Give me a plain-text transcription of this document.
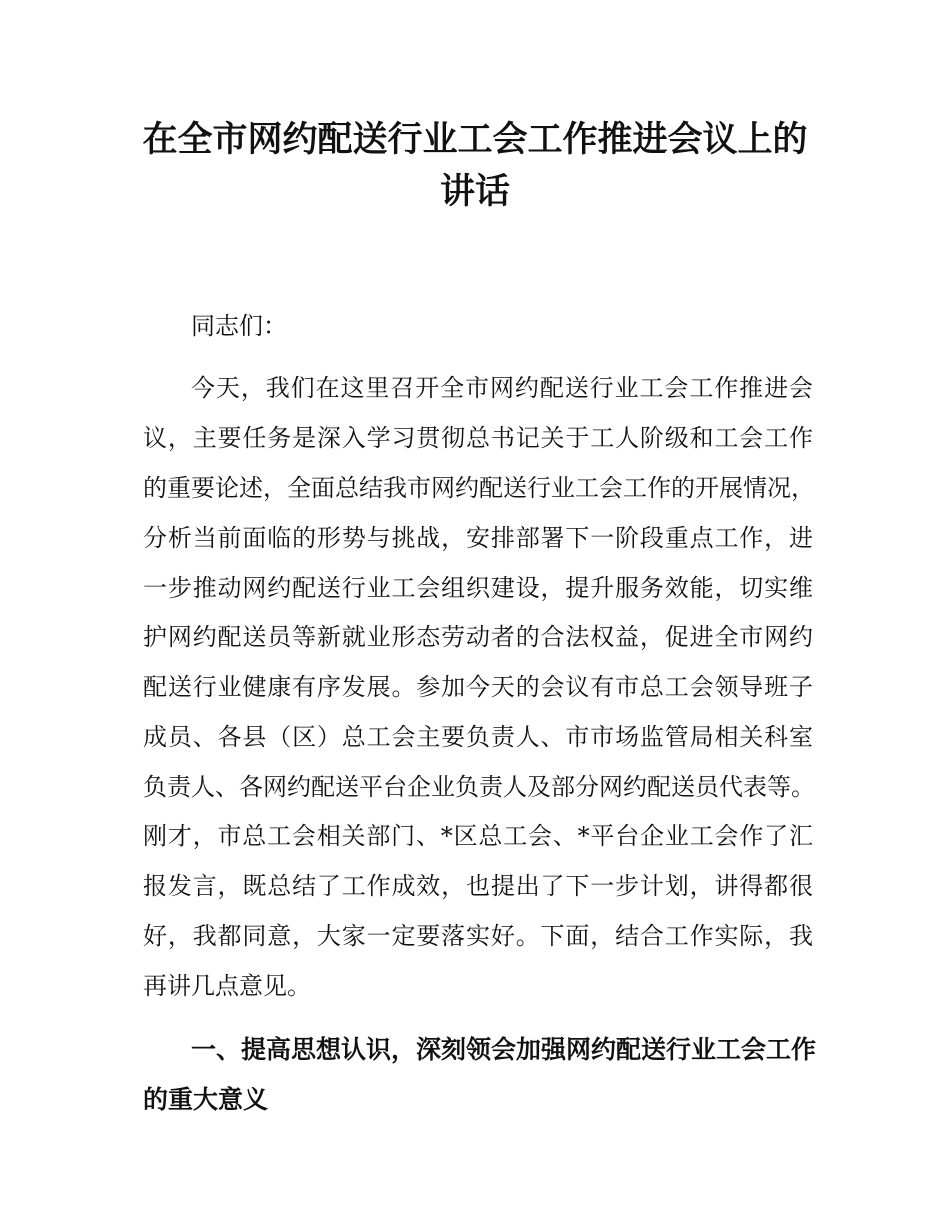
在全市网约配送行业工会工作推进会议上的
讲话

同志们：

今天，我们在这里召开全市网约配送行业工会工作推进会

议，主要任务是深入学习贯彻总书记关于工人阶级和工会工作

的重要论述，全面总结我市网约配送行业工会工作的开展情况，

分析当前面临的形势与挑战，安排部署下一阶段重点工作，进

一步推动网约配送行业工会组织建设，提升服务效能，切实维

护网约配送员等新就业形态劳动者的合法权益，促进全市网约

配送行业健康有序发展。参加今天的会议有市总工会领导班子

成员、各县（区）总工会主要负责人、市市场监管局相关科室

负责人、各网约配送平台企业负责人及部分网约配送员代表等。

刚才，市总工会相关部门、*区总工会、*平台企业工会作了汇

报发言，既总结了工作成效，也提出了下一步计划，讲得都很

好，我都同意，大家一定要落实好。下面，结合工作实际，我

再讲几点意见。

一、提高思想认识，深刻领会加强网约配送行业工会工作
的重大意义
